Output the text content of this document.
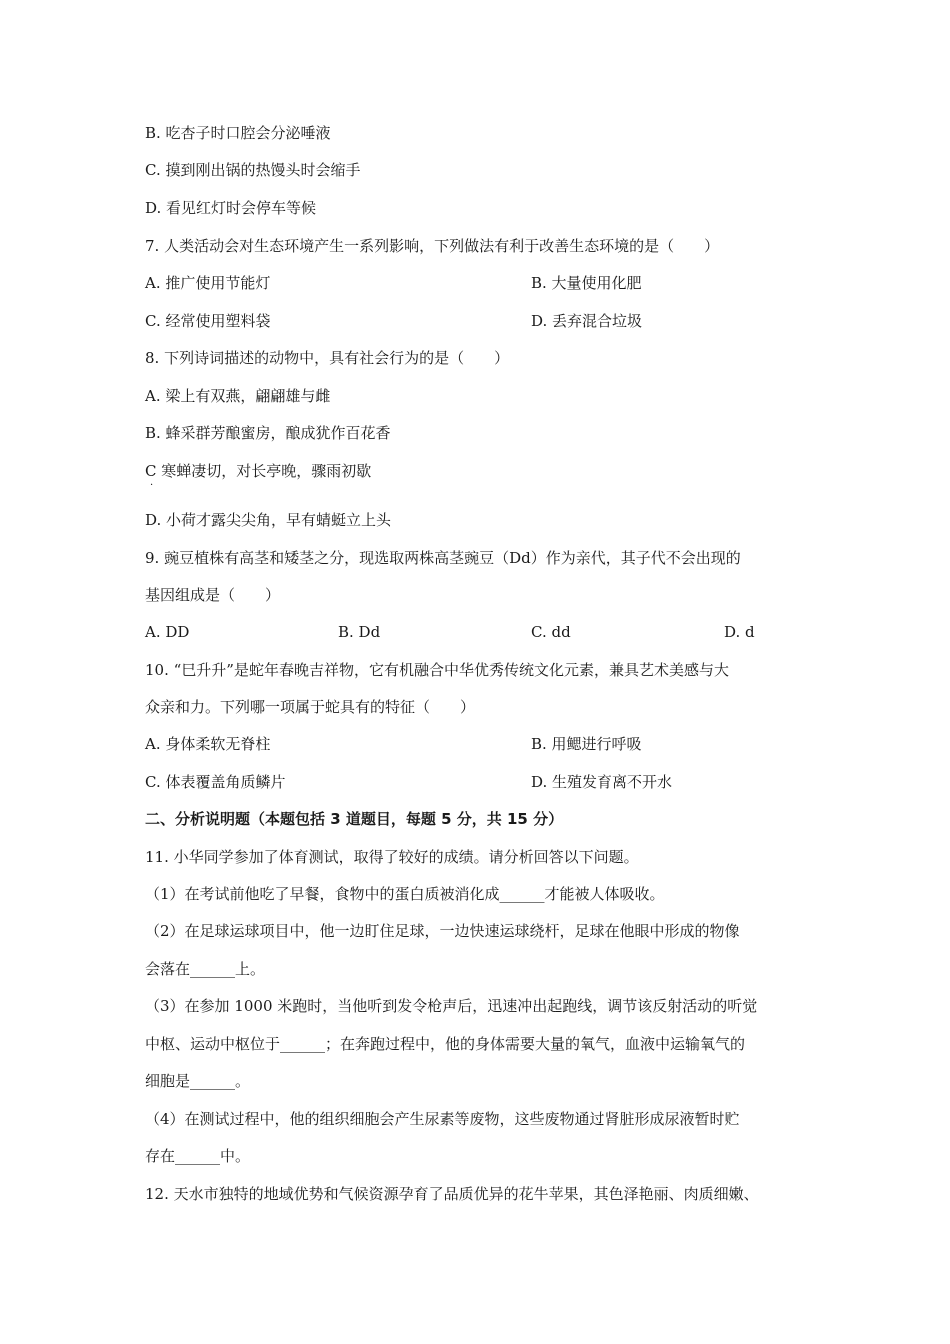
B. 吃杏子时口腔会分泌唾液
C. 摸到刚出锅的热馒头时会缩手
D. 看见红灯时会停车等候
7. 人类活动会对生态环境产生一系列影响，下列做法有利于改善生态环境的是（　　）
A. 推广使用节能灯	B. 大量使用化肥
C. 经常使用塑料袋	D. 丢弃混合垃圾
8. 下列诗词描述的动物中，具有社会行为的是（　　）
A. 梁上有双燕，翩翩雄与雌
B. 蜂采群芳酿蜜房，酿成犹作百花香
C 寒蝉凄切，对长亭晚，骤雨初歇
·
D. 小荷才露尖尖角，早有蜻蜓立上头
9. 豌豆植株有高茎和矮茎之分，现选取两株高茎豌豆（Dd）作为亲代，其子代不会出现的
基因组成是（　　）
A. DD	B. Dd	C. dd	D. d
10. “巳升升”是蛇年春晚吉祥物，它有机融合中华优秀传统文化元素，兼具艺术美感与大
众亲和力。下列哪一项属于蛇具有的特征（　　）
A. 身体柔软无脊柱	B. 用鳃进行呼吸
C. 体表覆盖角质鳞片	D. 生殖发育离不开水
二、分析说明题（本题包括 3 道题目，每题 5 分，共 15 分）
11. 小华同学参加了体育测试，取得了较好的成绩。请分析回答以下问题。
（1）在考试前他吃了早餐，食物中的蛋白质被消化成______才能被人体吸收。
（2）在足球运球项目中，他一边盯住足球，一边快速运球绕杆，足球在他眼中形成的物像
会落在______上。
（3）在参加 1000 米跑时，当他听到发令枪声后，迅速冲出起跑线，调节该反射活动的听觉
中枢、运动中枢位于______；在奔跑过程中，他的身体需要大量的氧气，血液中运输氧气的
细胞是______。
（4）在测试过程中，他的组织细胞会产生尿素等废物，这些废物通过肾脏形成尿液暂时贮
存在______中。
12. 天水市独特的地域优势和气候资源孕育了品质优异的花牛苹果，其色泽艳丽、肉质细嫩、
